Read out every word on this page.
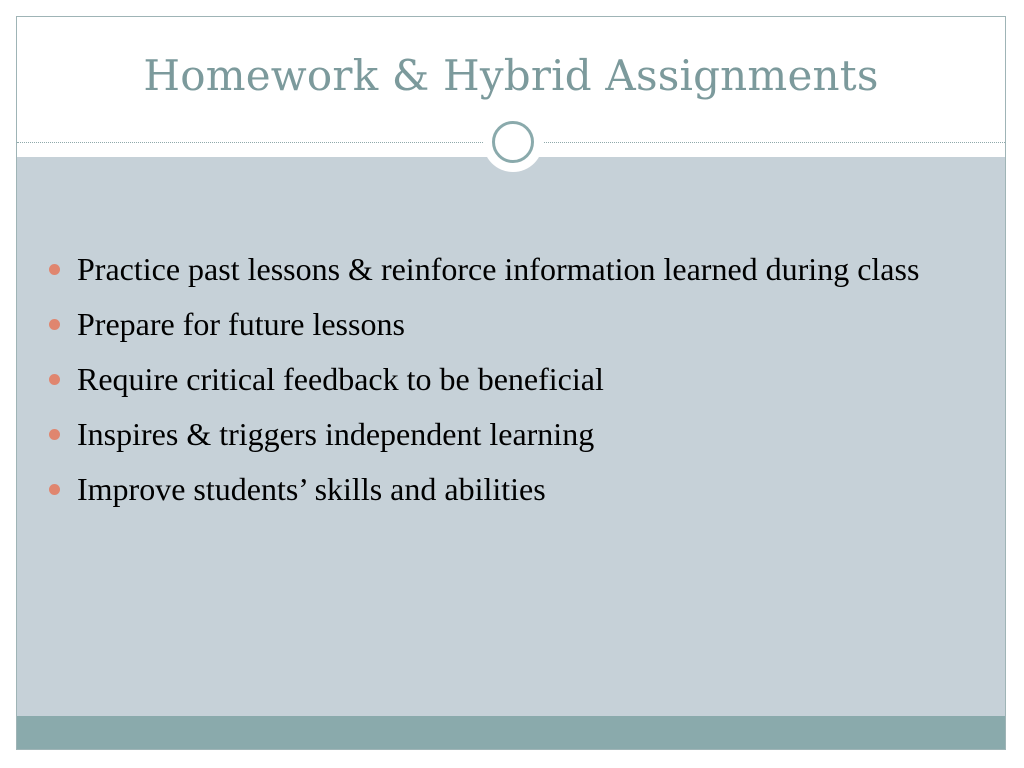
Homework & Hybrid Assignments
Practice past lessons & reinforce information learned during class
Prepare for future lessons
Require critical feedback to be beneficial
Inspires & triggers independent learning
Improve students’ skills and abilities
